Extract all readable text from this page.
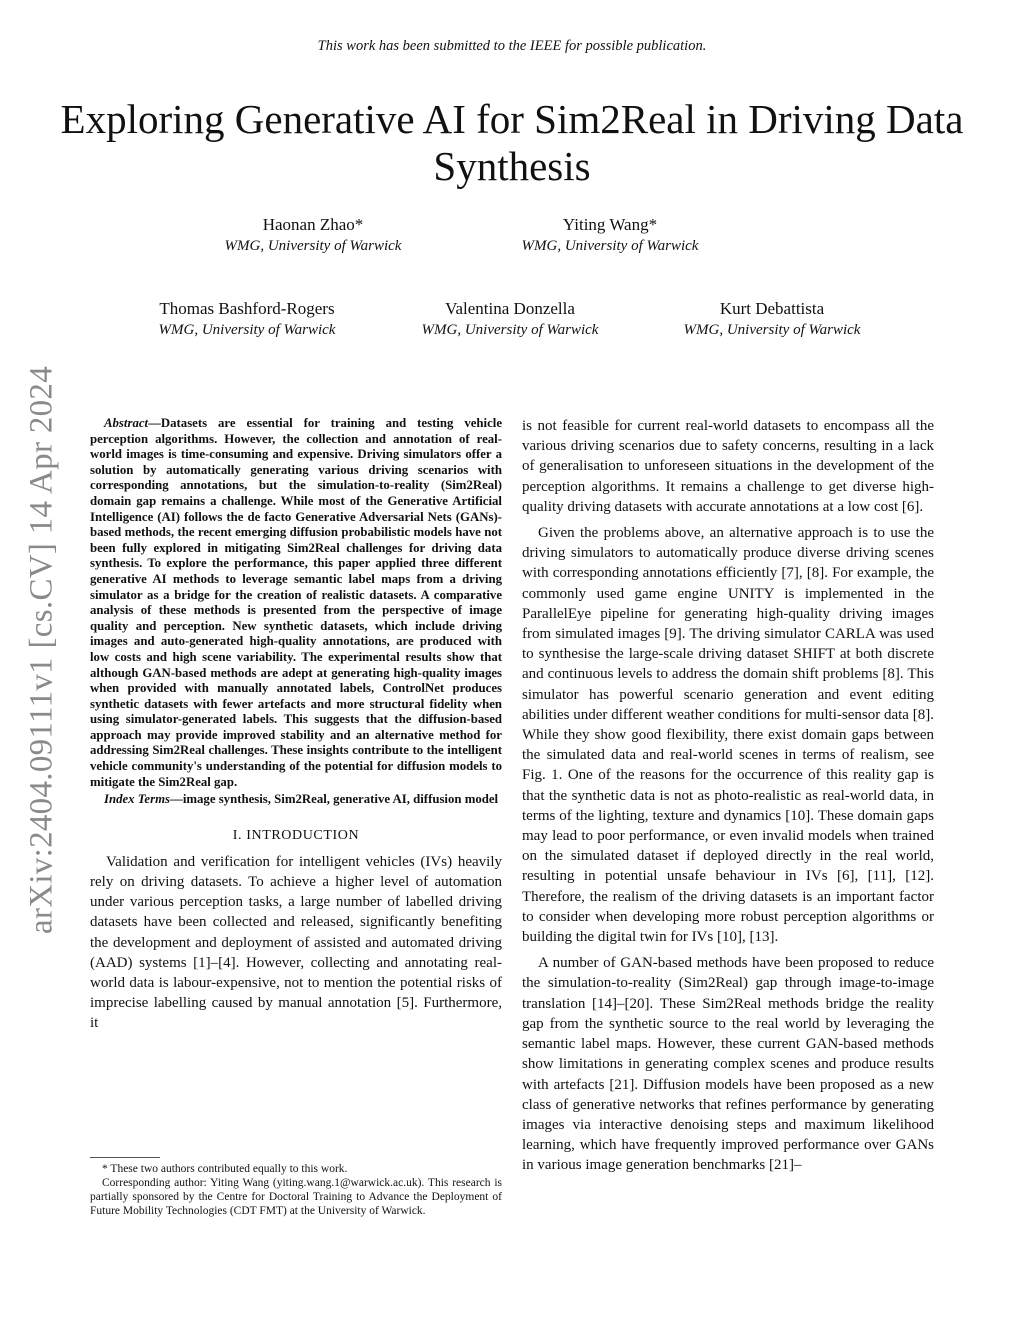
This work has been submitted to the IEEE for possible publication.
Exploring Generative AI for Sim2Real in Driving Data Synthesis
Haonan Zhao*
WMG, University of Warwick
Yiting Wang*
WMG, University of Warwick
Thomas Bashford-Rogers
WMG, University of Warwick
Valentina Donzella
WMG, University of Warwick
Kurt Debattista
WMG, University of Warwick
arXiv:2404.09111v1 [cs.CV] 14 Apr 2024	Abstract—Datasets are essential for training and testing vehicle perception algorithms. However, the collection and annotation of real-world images is time-consuming and expensive. Driving simulators offer a solution by automatically generating various driving scenarios with corresponding annotations, but the simulation-to-reality (Sim2Real) domain gap remains a challenge. While most of the Generative Artificial Intelligence (AI) follows the de facto Generative Adversarial Nets (GANs)-based methods, the recent emerging diffusion probabilistic models have not been fully explored in mitigating Sim2Real challenges for driving data synthesis. To explore the performance, this paper applied three different generative AI methods to leverage semantic label maps from a driving simulator as a bridge for the creation of realistic datasets. A comparative analysis of these methods is presented from the perspective of image quality and perception. New synthetic datasets, which include driving images and auto-generated high-quality annotations, are produced with low costs and high scene variability. The experimental results show that although GAN-based methods are adept at generating high-quality images when provided with manually annotated labels, ControlNet produces synthetic datasets with fewer artefacts and more structural fidelity when using simulator-generated labels. This suggests that the diffusion-based approach may provide improved stability and an alternative method for addressing Sim2Real challenges. These insights contribute to the intelligent vehicle community's understanding of the potential for diffusion models to mitigate the Sim2Real gap.

Index Terms—image synthesis, Sim2Real, generative AI, diffusion model

I. INTRODUCTION

Validation and verification for intelligent vehicles (IVs) heavily rely on driving datasets. To achieve a higher level of automation under various perception tasks, a large number of labelled driving datasets have been collected and released, significantly benefiting the development and deployment of assisted and automated driving (AAD) systems [1]–[4]. However, collecting and annotating real-world data is labour-expensive, not to mention the potential risks of imprecise labelling caused by manual annotation [5]. Furthermore, it

is not feasible for current real-world datasets to encompass all the various driving scenarios due to safety concerns, resulting in a lack of generalisation to unforeseen situations in the development of the perception algorithms. It remains a challenge to get diverse high-quality driving datasets with accurate annotations at a low cost [6].

Given the problems above, an alternative approach is to use the driving simulators to automatically produce diverse driving scenes with corresponding annotations efficiently [7], [8]. For example, the commonly used game engine UNITY is implemented in the ParallelEye pipeline for generating high-quality driving images from simulated images [9]. The driving simulator CARLA was used to synthesise the large-scale driving dataset SHIFT at both discrete and continuous levels to address the domain shift problems [8]. This simulator has powerful scenario generation and event editing abilities under different weather conditions for multi-sensor data [8]. While they show good flexibility, there exist domain gaps between the simulated data and real-world scenes in terms of realism, see Fig. 1. One of the reasons for the occurrence of this reality gap is that the synthetic data is not as photo-realistic as real-world data, in terms of the lighting, texture and dynamics [10]. These domain gaps may lead to poor performance, or even invalid models when trained on the simulated dataset if deployed directly in the real world, resulting in potential unsafe behaviour in IVs [6], [11], [12]. Therefore, the realism of the driving datasets is an important factor to consider when developing more robust perception algorithms or building the digital twin for IVs [10], [13].

A number of GAN-based methods have been proposed to reduce the simulation-to-reality (Sim2Real) gap through image-to-image translation [14]–[20]. These Sim2Real methods bridge the reality gap from the synthetic source to the real world by leveraging the semantic label maps. However, these current GAN-based methods show limitations in generating complex scenes and produce results with artefacts [21]. Diffusion models have been proposed as a new class of generative networks that refines performance by generating images via interactive denoising steps and maximum likelihood learning, which have frequently improved performance over GANs in various image generation benchmarks [21]–

* These two authors contributed equally to this work.

Corresponding author: Yiting Wang (yiting.wang.1@warwick.ac.uk). This research is partially sponsored by the Centre for Doctoral Training to Advance the Deployment of Future Mobility Technologies (CDT FMT) at the University of Warwick.
